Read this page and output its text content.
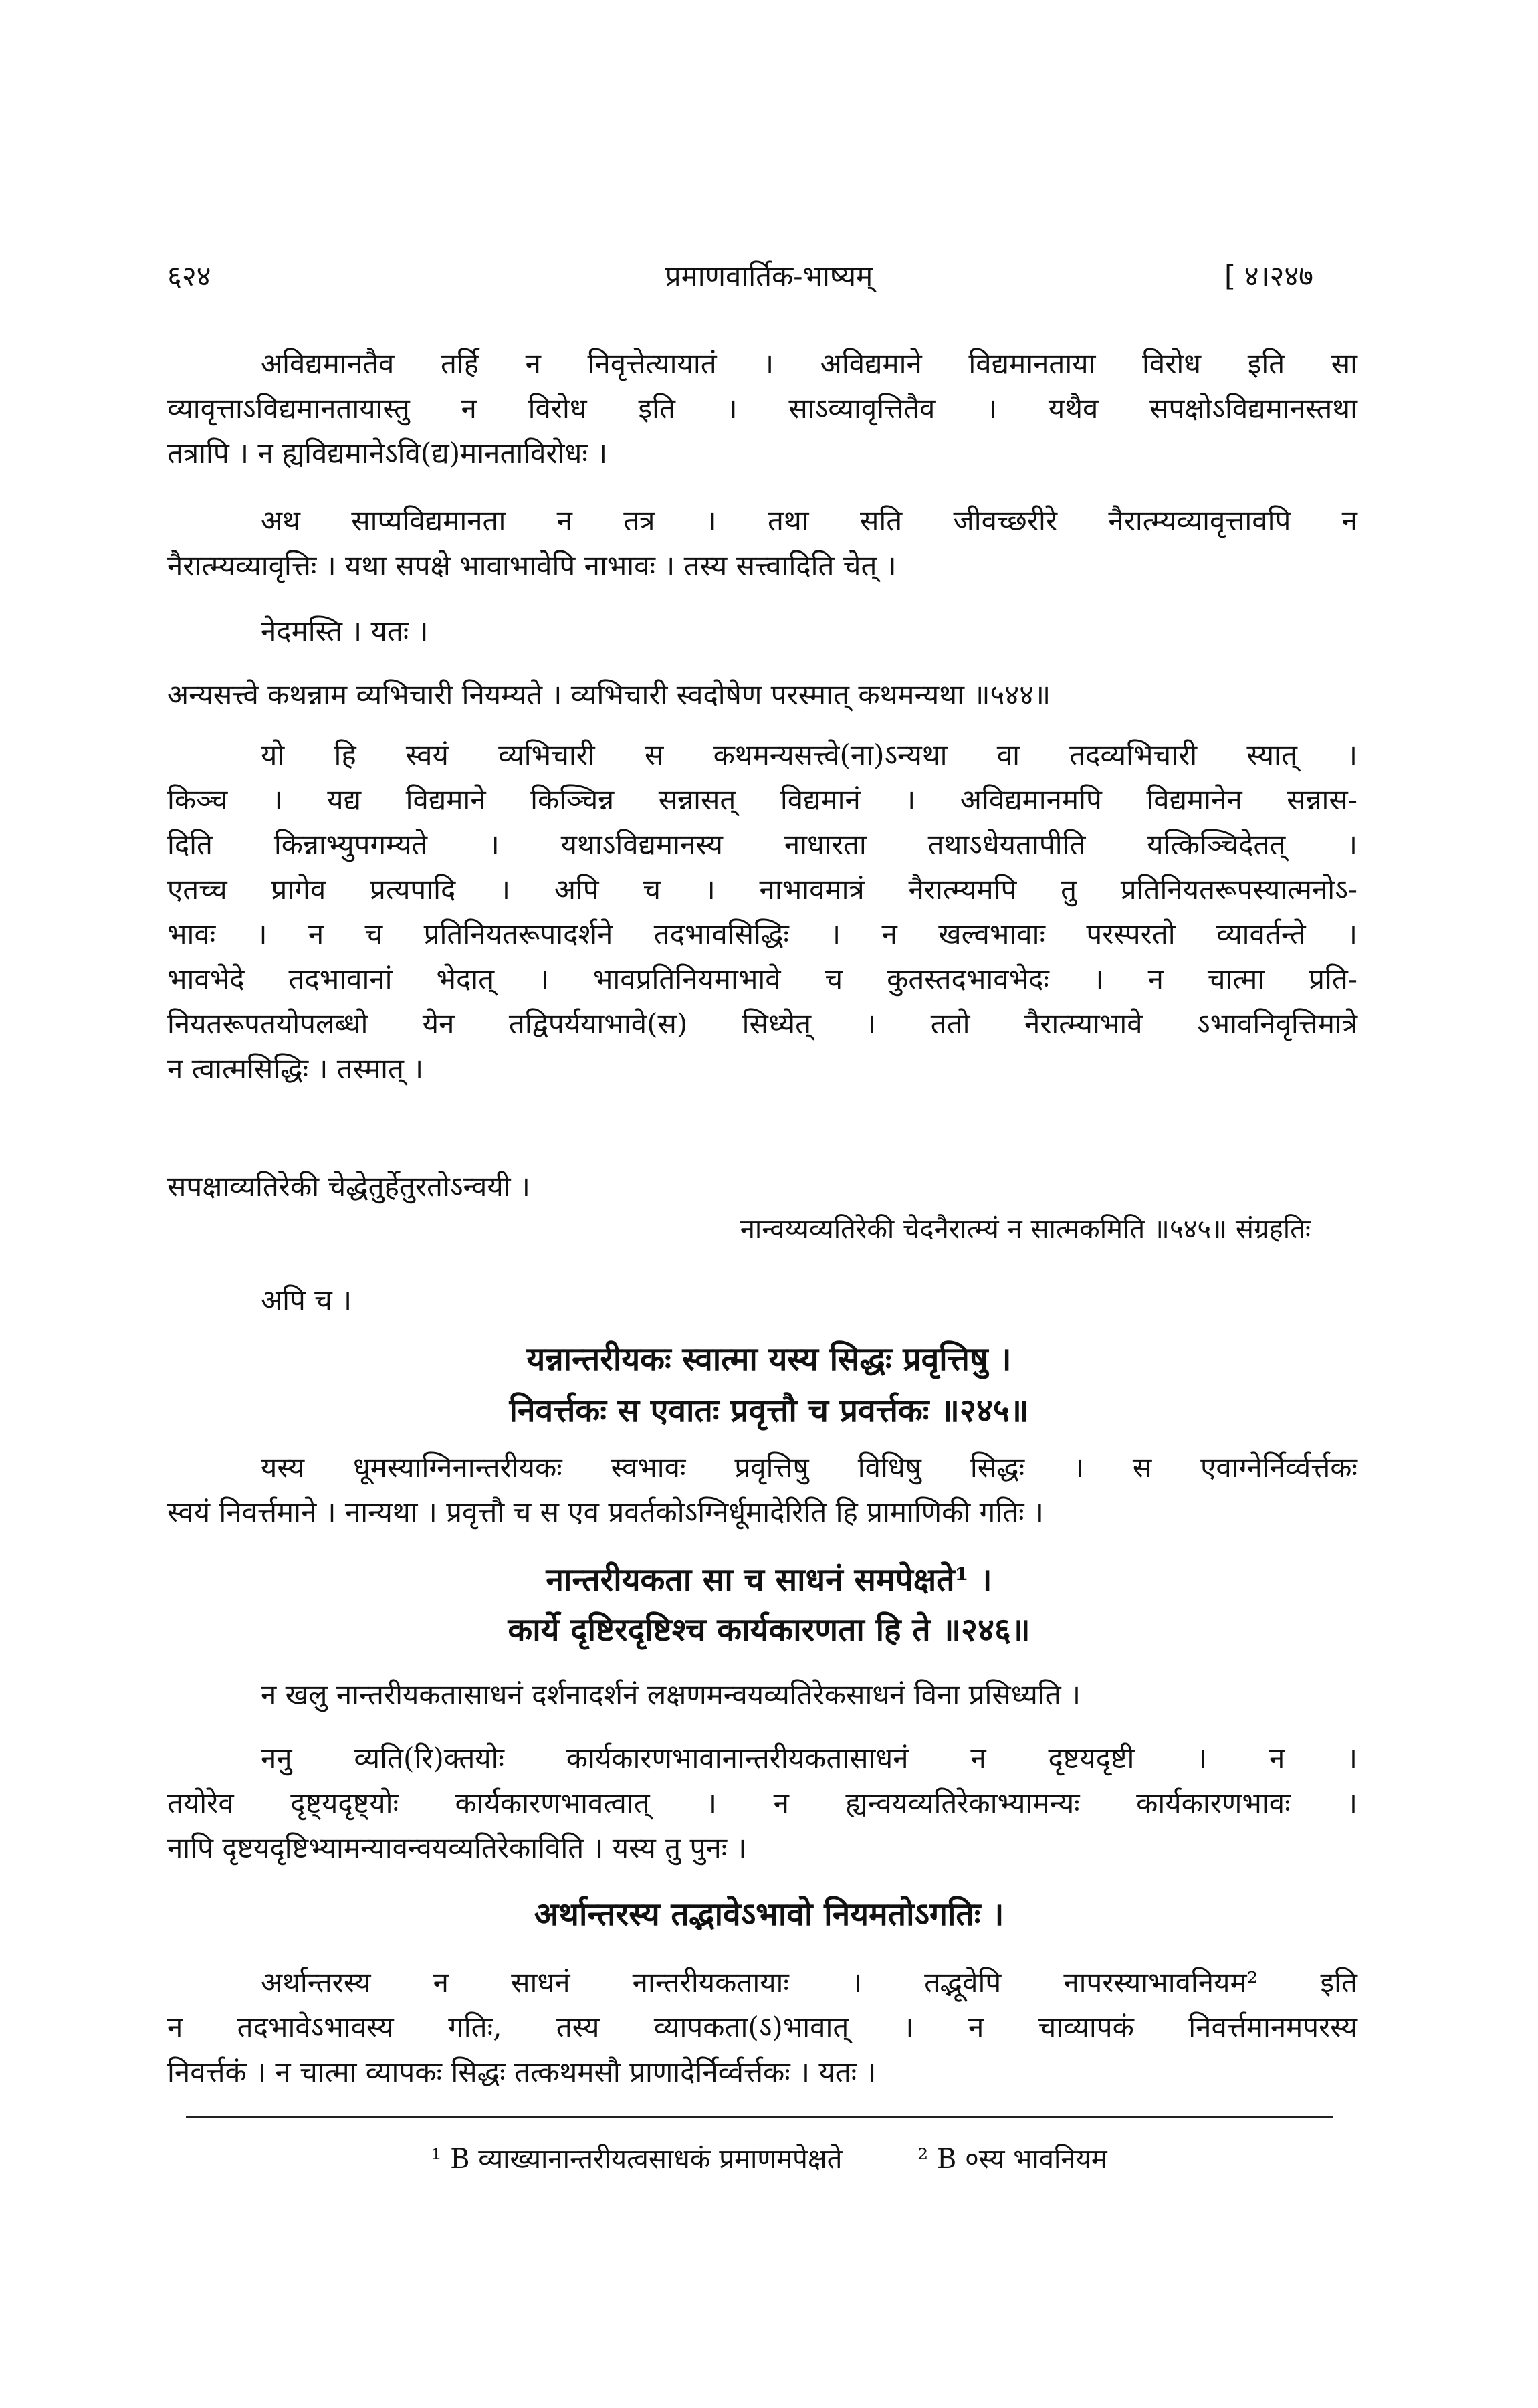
६२४	प्रमाणवार्तिक-भाष्यम्	[ ४।२४७

अविद्यमानतैव तर्हि न निवृत्तेत्यायातं । अविद्यमाने विद्यमानताया विरोध इति सा

व्यावृत्ताऽविद्यमानतायास्तु न विरोध इति । साऽव्यावृत्तितैव । यथैव सपक्षोऽविद्यमानस्तथा

तत्रापि । न ह्यविद्यमानेऽवि(द्य)मानताविरोधः ।

अथ साप्यविद्यमानता न तत्र । तथा सति जीवच्छरीरे नैरात्म्यव्यावृत्तावपि न

नैरात्म्यव्यावृत्तिः । यथा सपक्षे भावाभावेपि नाभावः । तस्य सत्त्वादिति चेत् ।

नेदमस्ति । यतः ।

अन्यसत्त्वे कथन्नाम व्यभिचारी नियम्यते । व्यभिचारी स्वदोषेण परस्मात् कथमन्यथा ॥५४४॥

यो हि स्वयं व्यभिचारी स कथमन्यसत्त्वे(ना)ऽन्यथा वा तदव्यभिचारी स्यात् ।

किञ्च । यद्य विद्यमाने किञ्चिन्न सन्नासत् विद्यमानं । अविद्यमानमपि विद्यमानेन सन्नास-

दिति किन्नाभ्युपगम्यते । यथाऽविद्यमानस्य नाधारता तथाऽधेयतापीति यत्किञ्चिदेतत् ।

एतच्च प्रागेव प्रत्यपादि । अपि च । नाभावमात्रं नैरात्म्यमपि तु प्रतिनियतरूपस्यात्मनोऽ-

भावः । न च प्रतिनियतरूपादर्शने तदभावसिद्धिः । न खल्वभावाः परस्परतो व्यावर्तन्ते ।

भावभेदे तदभावानां भेदात् । भावप्रतिनियमाभावे च कुतस्तदभावभेदः । न चात्मा प्रति-

नियतरूपतयोपलब्धो येन तद्विपर्ययाभावे(स) सिध्येत् । ततो नैरात्म्याभावे ऽभावनिवृत्तिमात्रे

न त्वात्मसिद्धिः । तस्मात् ।

सपक्षाव्यतिरेकी चेद्धेतुर्हेतुरतोऽन्वयी ।

नान्वय्यव्यतिरेकी चेदनैरात्म्यं न सात्मकमिति ॥५४५॥ संग्रहतिः

अपि च ।

यन्नान्तरीयकः स्वात्मा यस्य सिद्धः प्रवृत्तिषु ।
निवर्त्तकः स एवातः प्रवृत्तौ च प्रवर्त्तकः ॥२४५॥

यस्य धूमस्याग्निनान्तरीयकः स्वभावः प्रवृत्तिषु विधिषु सिद्धः । स एवाग्नेर्निर्व्वर्त्तकः

स्वयं निवर्त्तमाने । नान्यथा । प्रवृत्तौ च स एव प्रवर्तकोऽग्निर्धूमादेरिति हि प्रामाणिकी गतिः ।

नान्तरीयकता सा च साधनं समपेक्षते¹ ।
कार्ये दृष्टिरदृष्टिश्च कार्यकारणता हि ते ॥२४६॥

न खलु नान्तरीयकतासाधनं दर्शनादर्शनं लक्षणमन्वयव्यतिरेकसाधनं विना प्रसिध्यति ।

ननु व्यति(रि)क्तयोः कार्यकारणभावानान्तरीयकतासाधनं न दृष्टयदृष्टी । न ।

तयोरेव दृष्ट्यदृष्ट्योः कार्यकारणभावत्वात् । न ह्यन्वयव्यतिरेकाभ्यामन्यः कार्यकारणभावः ।

नापि दृष्टयदृष्टिभ्यामन्यावन्वयव्यतिरेकाविति । यस्य तु पुनः ।

अर्थान्तरस्य तद्भावेऽभावो नियमतोऽगतिः ।

अर्थान्तरस्य न साधनं नान्तरीयकतायाः । तद्भूवेपि नापरस्याभावनियम² इति

न तदभावेऽभावस्य गतिः, तस्य व्यापकता(ऽ)भावात् । न चाव्यापकं निवर्त्तमानमपरस्य

निवर्त्तकं । न चात्मा व्यापकः सिद्धः तत्कथमसौ प्राणादेर्निर्व्वर्त्तकः । यतः ।

¹ B व्याख्यानान्तरीयत्वसाधकं प्रमाणमपेक्षते	² B ०स्य भावनियम
